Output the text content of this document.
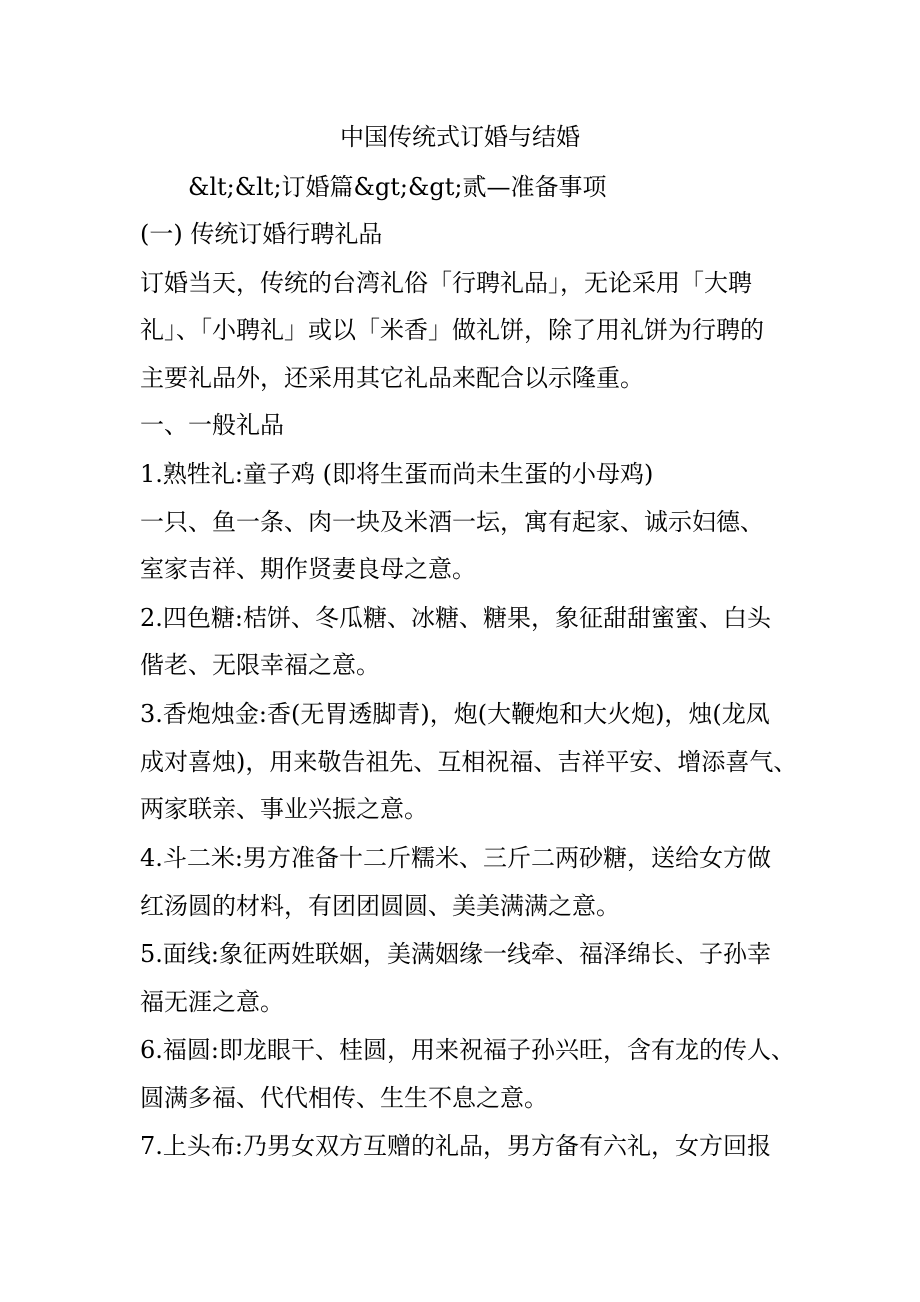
中国传统式订婚与结婚
&lt;&lt;订婚篇&gt;&gt;贰—准备事项
(一) 传统订婚行聘礼品
订婚当天，传统的台湾礼俗「行聘礼品」，无论采用「大聘
礼」、「小聘礼」或以「米香」做礼饼，除了用礼饼为行聘的
主要礼品外，还采用其它礼品来配合以示隆重。
一、一般礼品
1.熟牲礼:童子鸡 (即将生蛋而尚未生蛋的小母鸡)
一只、鱼一条、肉一块及米酒一坛，寓有起家、诚示妇德、
室家吉祥、期作贤妻良母之意。
2.四色糖:桔饼、冬瓜糖、冰糖、糖果，象征甜甜蜜蜜、白头
偕老、无限幸福之意。
3.香炮烛金:香(无胃透脚青)，炮(大鞭炮和大火炮)，烛(龙凤
成对喜烛)，用来敬告祖先、互相祝福、吉祥平安、增添喜气、
两家联亲、事业兴振之意。
4.斗二米:男方准备十二斤糯米、三斤二两砂糖，送给女方做
红汤圆的材料，有团团圆圆、美美满满之意。
5.面线:象征两姓联姻，美满姻缘一线牵、福泽绵长、子孙幸
福无涯之意。
6.福圆:即龙眼干、桂圆，用来祝福子孙兴旺，含有龙的传人、
圆满多福、代代相传、生生不息之意。
7.上头布:乃男女双方互赠的礼品，男方备有六礼，女方回报
